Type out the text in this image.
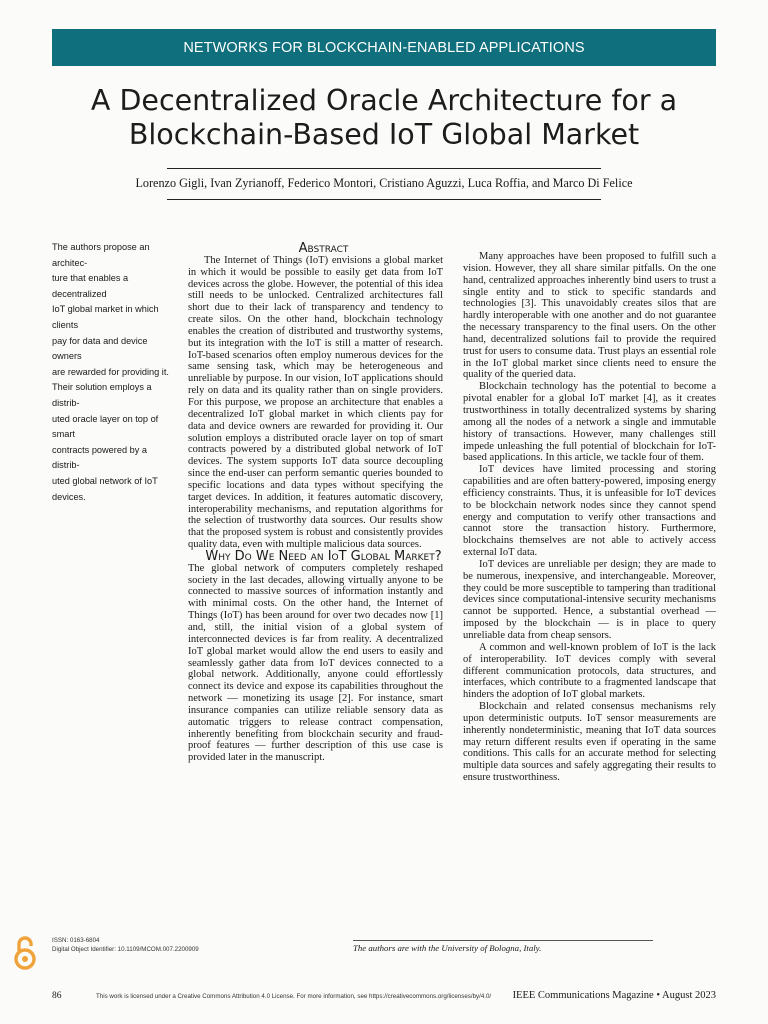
NETWORKS FOR BLOCKCHAIN-ENABLED APPLICATIONS
A Decentralized Oracle Architecture for a
Blockchain-Based IoT Global Market
Lorenzo Gigli, Ivan Zyrianoff, Federico Montori, Cristiano Aguzzi, Luca Roffia, and Marco Di Felice
The authors propose an architec-
ture that enables a decentralized
IoT global market in which clients
pay for data and device owners
are rewarded for providing it.
Their solution employs a distrib-
uted oracle layer on top of smart
contracts powered by a distrib-
uted global network of IoT devices.

Abstract

The Internet of Things (IoT) envisions a global market in which it would be possible to easily get data from IoT devices across the globe. However, the potential of this idea still needs to be unlocked. Centralized architectures fall short due to their lack of transparency and tendency to create silos. On the other hand, blockchain technology enables the creation of distributed and trustworthy systems, but its integration with the IoT is still a matter of research. IoT-based scenarios often employ numerous devices for the same sensing task, which may be heterogeneous and unreliable by purpose. In our vision, IoT applications should rely on data and its quality rather than on single providers. For this purpose, we propose an architecture that enables a decentralized IoT global market in which clients pay for data and device owners are rewarded for providing it. Our solution employs a distributed oracle layer on top of smart contracts powered by a distributed global network of IoT devices. The system supports IoT data source decoupling since the end-user can perform semantic queries bounded to specific locations and data types without specifying the target devices. In addition, it features automatic discovery, interoperability mechanisms, and reputation algorithms for the selection of trustworthy data sources. Our results show that the proposed system is robust and consistently provides quality data, even with multiple malicious data sources.

Why Do We Need an IoT Global Market?

The global network of computers completely reshaped society in the last decades, allowing virtually anyone to be connected to massive sources of information instantly and with minimal costs. On the other hand, the Internet of Things (IoT) has been around for over two decades now [1] and, still, the initial vision of a global system of interconnected devices is far from reality. A decentralized IoT global market would allow the end users to easily and seamlessly gather data from IoT devices connected to a global network. Additionally, anyone could effortlessly connect its device and expose its capabilities throughout the network — monetizing its usage [2]. For instance, smart insurance companies can utilize reliable sensory data as automatic triggers to release contract compensation, inherently benefiting from blockchain security and fraud-proof features — further description of this use case is provided later in the manuscript.

Many approaches have been proposed to fulfill such a vision. However, they all share similar pitfalls. On the one hand, centralized approaches inherently bind users to trust a single entity and to stick to specific standards and technologies [3]. This unavoidably creates silos that are hardly interoperable with one another and do not guarantee the necessary transparency to the final users. On the other hand, decentralized solutions fail to provide the required trust for users to consume data. Trust plays an essential role in the IoT global market since clients need to ensure the quality of the queried data.

Blockchain technology has the potential to become a pivotal enabler for a global IoT market [4], as it creates trustworthiness in totally decentralized systems by sharing among all the nodes of a network a single and immutable history of transactions. However, many challenges still impede unleashing the full potential of blockchain for IoT-based applications. In this article, we tackle four of them.

IoT devices have limited processing and storing capabilities and are often battery-powered, imposing energy efficiency constraints. Thus, it is unfeasible for IoT devices to be blockchain network nodes since they cannot spend energy and computation to verify other transactions and cannot store the transaction history. Furthermore, blockchains themselves are not able to actively access external IoT data.

IoT devices are unreliable per design; they are made to be numerous, inexpensive, and interchangeable. Moreover, they could be more susceptible to tampering than traditional devices since computational-intensive security mechanisms cannot be supported. Hence, a substantial overhead — imposed by the blockchain — is in place to query unreliable data from cheap sensors.

A common and well-known problem of IoT is the lack of interoperability. IoT devices comply with several different communication protocols, data structures, and interfaces, which contribute to a fragmented landscape that hinders the adoption of IoT global markets.

Blockchain and related consensus mechanisms rely upon deterministic outputs. IoT sensor measurements are inherently nondeterministic, meaning that IoT data sources may return different results even if operating in the same conditions. This calls for an accurate method for selecting multiple data sources and safely aggregating their results to ensure trustworthiness.

ISSN: 0163-6804
Digital Object Identifier: 10.1109/MCOM.007.2200909	The authors are with the University of Bologna, Italy.
86	This work is licensed under a Creative Commons Attribution 4.0 License. For more information, see https://creativecommons.org/licenses/by/4.0/ IEEE Communications Magazine • August 2023
